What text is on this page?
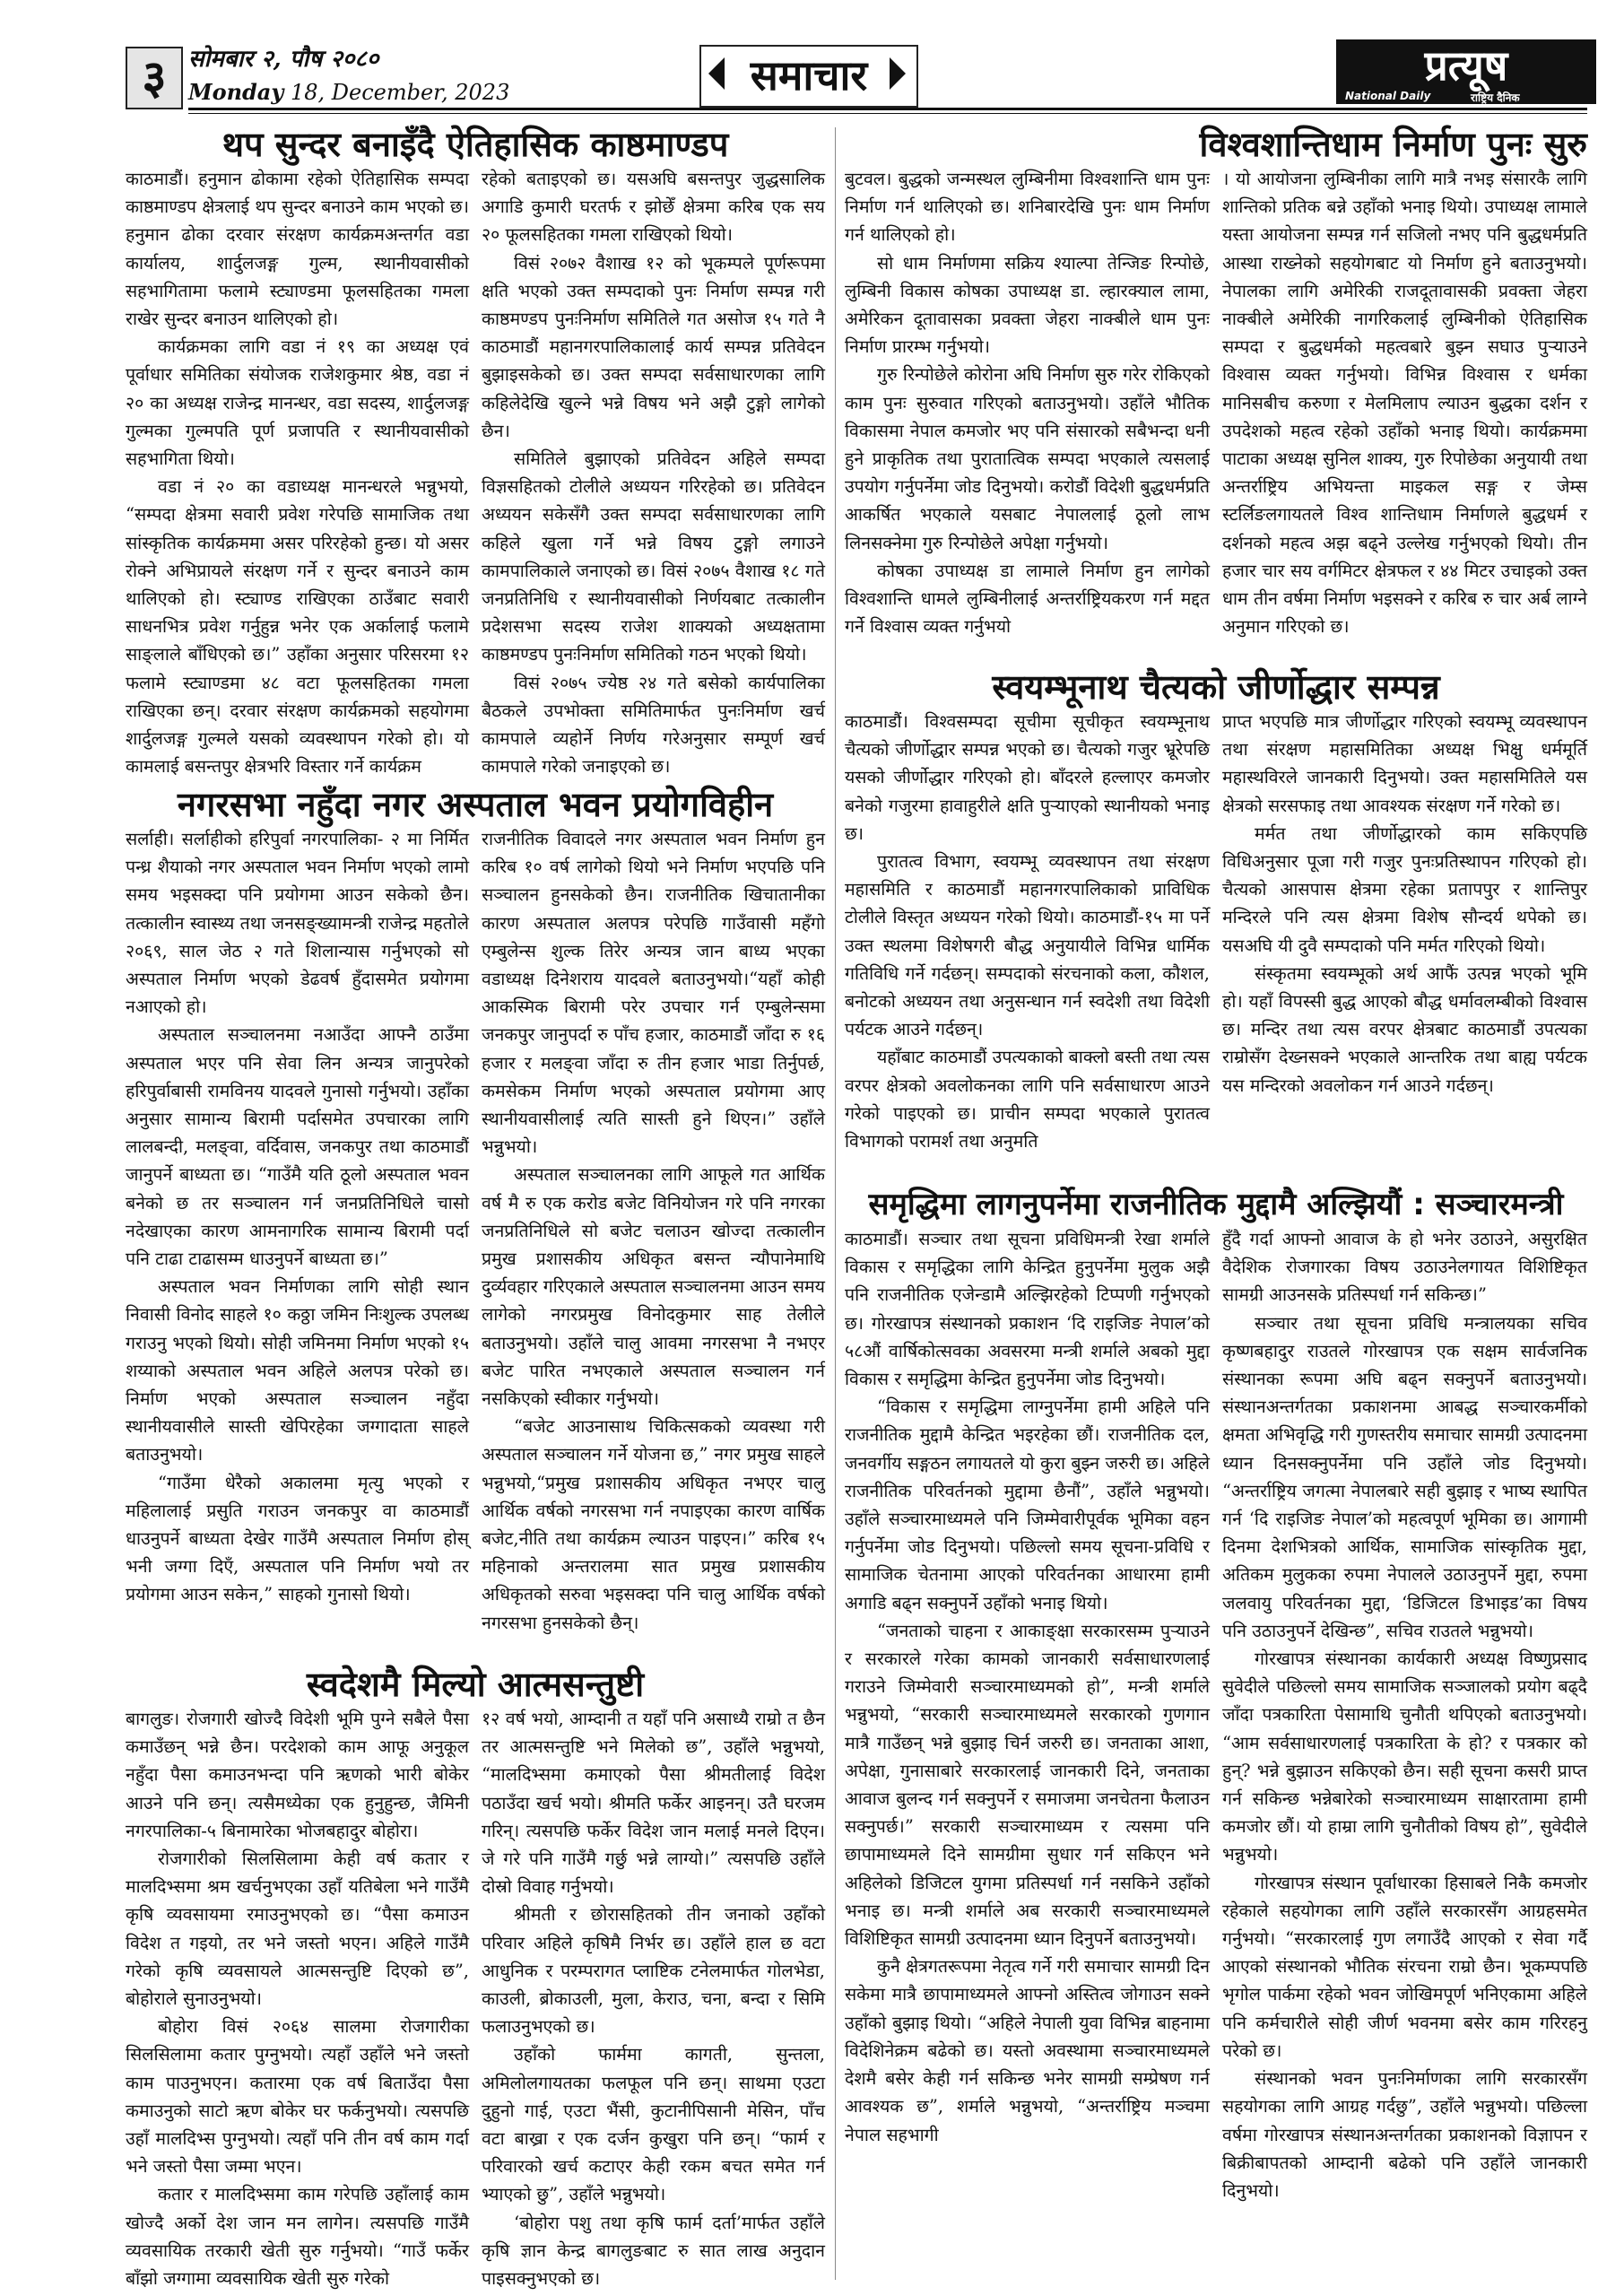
३ सोमबार २, पौष २०८०
Monday 18, December, 2023	समाचार	प्रत्यूष
National Daily	राष्ट्रिय दैनिक
थप सुन्दर बनाइँदै ऐतिहासिक काष्ठमाण्डप

काठमाडौं। हनुमान ढोकामा रहेको ऐतिहासिक सम्पदा काष्ठमाण्डप क्षेत्रलाई थप सुन्दर बनाउने काम भएको छ। हनुमान ढोका दरवार संरक्षण कार्यक्रमअन्तर्गत वडा कार्यालय, शार्दुलजङ्ग गुल्म, स्थानीयवासीको सहभागितामा फलामे स्ट्याण्डमा फूलसहितका गमला राखेर सुन्दर बनाउन थालिएको हो।

कार्यक्रमका लागि वडा नं १९ का अध्यक्ष एवं पूर्वाधार समितिका संयोजक राजेशकुमार श्रेष्ठ, वडा नं २० का अध्यक्ष राजेन्द्र मानन्धर, वडा सदस्य, शार्दुलजङ्ग गुल्मका गुल्मपति पूर्ण प्रजापति र स्थानीयवासीको सहभागिता थियो।

वडा नं २० का वडाध्यक्ष मानन्धरले भन्नुभयो, “सम्पदा क्षेत्रमा सवारी प्रवेश गरेपछि सामाजिक तथा सांस्कृतिक कार्यक्रममा असर परिरहेको हुन्छ। यो असर रोक्ने अभिप्रायले संरक्षण गर्ने र सुन्दर बनाउने काम थालिएको हो। स्ट्याण्ड राखिएका ठाउँबाट सवारी साधनभित्र प्रवेश गर्नुहुन्न भनेर एक अर्कालाई फलामे साङ्लाले बाँधिएको छ।” उहाँका अनुसार परिसरमा १२ फलामे स्ट्याण्डमा ४८ वटा फूलसहितका गमला राखिएका छन्। दरवार संरक्षण कार्यक्रमको सहयोगमा शार्दुलजङ्ग गुल्मले यसको व्यवस्थापन गरेको हो। यो कामलाई बसन्तपुर क्षेत्रभरि विस्तार गर्ने कार्यक्रम

रहेको बताइएको छ। यसअघि बसन्तपुर जुद्धसालिक अगाडि कुमारी घरतर्फ र झोछेँ क्षेत्रमा करिब एक सय २० फूलसहितका गमला राखिएको थियो।

विसं २०७२ वैशाख १२ को भूकम्पले पूर्णरूपमा क्षति भएको उक्त सम्पदाको पुनः निर्माण सम्पन्न गरी काष्ठमण्डप पुनःनिर्माण समितिले गत असोज १५ गते नै काठमाडौं महानगरपालिकालाई कार्य सम्पन्न प्रतिवेदन बुझाइसकेको छ। उक्त सम्पदा सर्वसाधारणका लागि कहिलेदेखि खुल्ने भन्ने विषय भने अझै टुङ्गो लागेको छैन।

समितिले बुझाएको प्रतिवेदन अहिले सम्पदा विज्ञसहितको टोलीले अध्ययन गरिरहेको छ। प्रतिवेदन अध्ययन सकेसँगै उक्त सम्पदा सर्वसाधारणका लागि कहिले खुला गर्ने भन्ने विषय टुङ्गो लगाउने कामपालिकाले जनाएको छ। विसं २०७५ वैशाख १८ गते जनप्रतिनिधि र स्थानीयवासीको निर्णयबाट तत्कालीन प्रदेशसभा सदस्य राजेश शाक्यको अध्यक्षतामा काष्ठमण्डप पुनःनिर्माण समितिको गठन भएको थियो।

विसं २०७५ ज्येष्ठ २४ गते बसेको कार्यपालिका बैठकले उपभोक्ता समितिमार्फत पुनःनिर्माण खर्च कामपाले व्यहोर्ने निर्णय गरेअनुसार सम्पूर्ण खर्च कामपाले गरेको जनाइएको छ।

नगरसभा नहुँदा नगर अस्पताल भवन प्रयोगविहीन

सर्लाही। सर्लाहीको हरिपुर्वा नगरपालिका- २ मा निर्मित पन्ध्र शैयाको नगर अस्पताल भवन निर्माण भएको लामो समय भइसक्दा पनि प्रयोगमा आउन सकेको छैन। तत्कालीन स्वास्थ्य तथा जनसङ्ख्यामन्त्री राजेन्द्र महतोले २०६९, साल जेठ २ गते शिलान्यास गर्नुभएको सो अस्पताल निर्माण भएको डेढवर्ष हुँदासमेत प्रयोगमा नआएको हो।

अस्पताल सञ्चालनमा नआउँदा आफ्नै ठाउँमा अस्पताल भएर पनि सेवा लिन अन्यत्र जानुपरेको हरिपुर्वाबासी रामविनय यादवले गुनासो गर्नुभयो। उहाँका अनुसार सामान्य बिरामी पर्दासमेत उपचारका लागि लालबन्दी, मलङ्वा, वर्दिवास, जनकपुर तथा काठमाडौं जानुपर्ने बाध्यता छ। “गाउँमै यति ठूलो अस्पताल भवन बनेको छ तर सञ्चालन गर्न जनप्रतिनिधिले चासो नदेखाएका कारण आमनागरिक सामान्य बिरामी पर्दा पनि टाढा टाढासम्म धाउनुपर्ने बाध्यता छ।”

अस्पताल भवन निर्माणका लागि सोही स्थान निवासी विनोद साहले १० कठ्ठा जमिन निःशुल्क उपलब्ध गराउनु भएको थियो। सोही जमिनमा निर्माण भएको १५ शय्याको अस्पताल भवन अहिले अलपत्र परेको छ। निर्माण भएको अस्पताल सञ्चालन नहुँदा स्थानीयवासीले सास्ती खेपिरहेका जग्गादाता साहले बताउनुभयो।

“गाउँमा धेरैको अकालमा मृत्यु भएको र महिलालाई प्रसुति गराउन जनकपुर वा काठमाडौं धाउनुपर्ने बाध्यता देखेर गाउँमै अस्पताल निर्माण होस् भनी जग्गा दिएँ, अस्पताल पनि निर्माण भयो तर प्रयोगमा आउन सकेन,” साहको गुनासो थियो।

राजनीतिक विवादले नगर अस्पताल भवन निर्माण हुन करिब १० वर्ष लागेको थियो भने निर्माण भएपछि पनि सञ्चालन हुनसकेको छैन। राजनीतिक खिचातानीका कारण अस्पताल अलपत्र परेपछि गाउँवासी महँगो एम्बुलेन्स शुल्क तिरेर अन्यत्र जान बाध्य भएका वडाध्यक्ष दिनेशराय यादवले बताउनुभयो।“यहाँ कोही आकस्मिक बिरामी परेर उपचार गर्न एम्बुलेन्समा जनकपुर जानुपर्दा रु पाँच हजार, काठमाडौं जाँदा रु १६ हजार र मलङ्वा जाँदा रु तीन हजार भाडा तिर्नुपर्छ, कमसेकम निर्माण भएको अस्पताल प्रयोगमा आए स्थानीयवासीलाई त्यति सास्ती हुने थिएन।” उहाँले भन्नुभयो।

अस्पताल सञ्चालनका लागि आफूले गत आर्थिक वर्ष मै रु एक करोड बजेट विनियोजन गरे पनि नगरका जनप्रतिनिधिले सो बजेट चलाउन खोज्दा तत्कालीन प्रमुख प्रशासकीय अधिकृत बसन्त न्यौपानेमाथि दुर्व्यवहार गरिएकाले अस्पताल सञ्चालनमा आउन समय लागेको नगरप्रमुख विनोदकुमार साह तेलीले बताउनुभयो। उहाँले चालु आवमा नगरसभा नै नभएर बजेट पारित नभएकाले अस्पताल सञ्चालन गर्न नसकिएको स्वीकार गर्नुभयो।

“बजेट आउनासाथ चिकित्सकको व्यवस्था गरी अस्पताल सञ्चालन गर्ने योजना छ,” नगर प्रमुख साहले भन्नुभयो,“प्रमुख प्रशासकीय अधिकृत नभएर चालु आर्थिक वर्षको नगरसभा गर्न नपाइएका कारण वार्षिक बजेट,नीति तथा कार्यक्रम ल्याउन पाइएन।” करिब १५ महिनाको अन्तरालमा सात प्रमुख प्रशासकीय अधिकृतको सरुवा भइसक्दा पनि चालु आर्थिक वर्षको नगरसभा हुनसकेको छैन्।

स्वदेशमै मिल्यो आत्मसन्तुष्टी

बागलुङ। रोजगारी खोज्दै विदेशी भूमि पुग्ने सबैले पैसा कमाउँछन् भन्ने छैन। परदेशको काम आफू अनुकूल नहुँदा पैसा कमाउनभन्दा पनि ऋणको भारी बोकेर आउने पनि छन्। त्यसैमध्येका एक हुनुहुन्छ, जैमिनी नगरपालिका-५ बिनामारेका भोजबहादुर बोहोरा।

रोजगारीको सिलसिलामा केही वर्ष कतार र मालदिभ्समा श्रम खर्चनुभएका उहाँ यतिबेला भने गाउँमै कृषि व्यवसायमा रमाउनुभएको छ। “पैसा कमाउन विदेश त गइयो, तर भने जस्तो भएन। अहिले गाउँमै गरेको कृषि व्यवसायले आत्मसन्तुष्टि दिएको छ”, बोहोराले सुनाउनुभयो।

बोहोरा विसं २०६४ सालमा रोजगारीका सिलसिलामा कतार पुग्नुभयो। त्यहाँ उहाँले भने जस्तो काम पाउनुभएन। कतारमा एक वर्ष बिताउँदा पैसा कमाउनुको साटो ऋण बोकेर घर फर्कनुभयो। त्यसपछि उहाँ मालदिभ्स पुग्नुभयो। त्यहाँ पनि तीन वर्ष काम गर्दा भने जस्तो पैसा जम्मा भएन।

कतार र मालदिभ्समा काम गरेपछि उहाँलाई काम खोज्दै अर्को देश जान मन लागेन। त्यसपछि गाउँमै व्यवसायिक तरकारी खेती सुरु गर्नुभयो। “गाउँ फर्केर बाँझो जग्गामा व्यवसायिक खेती सुरु गरेको

१२ वर्ष भयो, आम्दानी त यहाँ पनि असाध्यै राम्रो त छैन तर आत्मसन्तुष्टि भने मिलेको छ”, उहाँले भन्नुभयो, “मालदिभ्समा कमाएको पैसा श्रीमतीलाई विदेश पठाउँदा खर्च भयो। श्रीमति फर्केर आइनन्। उतै घरजम गरिन्। त्यसपछि फर्केर विदेश जान मलाई मनले दिएन। जे गरे पनि गाउँमै गर्छु भन्ने लाग्यो।” त्यसपछि उहाँले दोस्रो विवाह गर्नुभयो।

श्रीमती र छोरासहितको तीन जनाको उहाँको परिवार अहिले कृषिमै निर्भर छ। उहाँले हाल छ वटा आधुनिक र परम्परागत प्लाष्टिक टनेलमार्फत गोलभेडा, काउली, ब्रोकाउली, मुला, केराउ, चना, बन्दा र सिमि फलाउनुभएको छ।

उहाँको फार्ममा कागती, सुन्तला, अमिलोलगायतका फलफूल पनि छन्। साथमा एउटा दुहुनो गाई, एउटा भैंसी, कुटानीपिसानी मेसिन, पाँच वटा बाख्रा र एक दर्जन कुखुरा पनि छन्। “फार्म र परिवारको खर्च कटाएर केही रकम बचत समेत गर्न भ्याएको छु”, उहाँले भन्नुभयो।

‘बोहोरा पशु तथा कृषि फार्म दर्ता’मार्फत उहाँले कृषि ज्ञान केन्द्र बागलुङबाट रु सात लाख अनुदान पाइसक्नुभएको छ।

विश्वशान्तिधाम निर्माण पुनः सुरु

बुटवल। बुद्धको जन्मस्थल लुम्बिनीमा विश्वशान्ति धाम पुनः निर्माण गर्न थालिएको छ। शनिबारदेखि पुनः धाम निर्माण गर्न थालिएको हो।

सो धाम निर्माणमा सक्रिय श्याल्पा तेन्जिङ रिन्पोछे, लुम्बिनी विकास कोषका उपाध्यक्ष डा. ल्हारक्याल लामा, अमेरिकन दूतावासका प्रवक्ता जेहरा नाक्बीले धाम पुनः निर्माण प्रारम्भ गर्नुभयो।

गुरु रिन्पोछेले कोरोना अघि निर्माण सुरु गरेर रोकिएको काम पुनः सुरुवात गरिएको बताउनुभयो। उहाँले भौतिक विकासमा नेपाल कमजोर भए पनि संसारको सबैभन्दा धनी हुने प्राकृतिक तथा पुरातात्विक सम्पदा भएकाले त्यसलाई उपयोग गर्नुपर्नेमा जोड दिनुभयो। करोडौं विदेशी बुद्धधर्मप्रति आकर्षित भएकाले यसबाट नेपाललाई ठूलो लाभ लिनसक्नेमा गुरु रिन्पोछेले अपेक्षा गर्नुभयो।

कोषका उपाध्यक्ष डा लामाले निर्माण हुन लागेको विश्वशान्ति धामले लुम्बिनीलाई अन्तर्राष्ट्रियकरण गर्न मद्दत गर्ने विश्वास व्यक्त गर्नुभयो

। यो आयोजना लुम्बिनीका लागि मात्रै नभइ संसारकै लागि शान्तिको प्रतिक बन्ने उहाँको भनाइ थियो। उपाध्यक्ष लामाले यस्ता आयोजना सम्पन्न गर्न सजिलो नभए पनि बुद्धधर्मप्रति आस्था राख्नेको सहयोगबाट यो निर्माण हुने बताउनुभयो। नेपालका लागि अमेरिकी राजदूतावासकी प्रवक्ता जेहरा नाक्बीले अमेरिकी नागरिकलाई लुम्बिनीको ऐतिहासिक सम्पदा र बुद्धधर्मको महत्वबारे बुझ्न सघाउ पुऱ्याउने विश्वास व्यक्त गर्नुभयो। विभिन्न विश्वास र धर्मका मानिसबीच करुणा र मेलमिलाप ल्याउन बुद्धका दर्शन र उपदेशको महत्व रहेको उहाँको भनाइ थियो। कार्यक्रममा पाटाका अध्यक्ष सुनिल शाक्य, गुरु रिपोछेका अनुयायी तथा अन्तर्राष्ट्रिय अभियन्ता माइकल सङ्ग र जेम्स स्टर्लिङलगायतले विश्व शान्तिधाम निर्माणले बुद्धधर्म र दर्शनको महत्व अझ बढ्ने उल्लेख गर्नुभएको थियो। तीन हजार चार सय वर्गमिटर क्षेत्रफल र ४४ मिटर उचाइको उक्त धाम तीन वर्षमा निर्माण भइसक्ने र करिब रु चार अर्ब लाग्ने अनुमान गरिएको छ।

स्वयम्भूनाथ चैत्यको जीर्णोद्धार सम्पन्न

काठमाडौं। विश्वसम्पदा सूचीमा सूचीकृत स्वयम्भूनाथ चैत्यको जीर्णोद्धार सम्पन्न भएको छ। चैत्यको गजुर भ्रूरेपछि यसको जीर्णोद्धार गरिएको हो। बाँदरले हल्लाएर कमजोर बनेको गजुरमा हावाहुरीले क्षति पुऱ्याएको स्थानीयको भनाइ छ।

पुरातत्व विभाग, स्वयम्भू व्यवस्थापन तथा संरक्षण महासमिति र काठमाडौं महानगरपालिकाको प्राविधिक टोलीले विस्तृत अध्ययन गरेको थियो। काठमाडौं-१५ मा पर्ने उक्त स्थलमा विशेषगरी बौद्ध अनुयायीले विभिन्न धार्मिक गतिविधि गर्ने गर्दछन्। सम्पदाको संरचनाको कला, कौशल, बनोटको अध्ययन तथा अनुसन्धान गर्न स्वदेशी तथा विदेशी पर्यटक आउने गर्दछन्।

यहाँबाट काठमाडौं उपत्यकाको बाक्लो बस्ती तथा त्यस वरपर क्षेत्रको अवलोकनका लागि पनि सर्वसाधारण आउने गरेको पाइएको छ। प्राचीन सम्पदा भएकाले पुरातत्व विभागको परामर्श तथा अनुमति

प्राप्त भएपछि मात्र जीर्णोद्धार गरिएको स्वयम्भू व्यवस्थापन तथा संरक्षण महासमितिका अध्यक्ष भिक्षु धर्ममूर्ति महास्थविरले जानकारी दिनुभयो। उक्त महासमितिले यस क्षेत्रको सरसफाइ तथा आवश्यक संरक्षण गर्ने गरेको छ।

मर्मत तथा जीर्णोद्धारको काम सकिएपछि विधिअनुसार पूजा गरी गजुर पुनःप्रतिस्थापन गरिएको हो। चैत्यको आसपास क्षेत्रमा रहेका प्रतापपुर र शान्तिपुर मन्दिरले पनि त्यस क्षेत्रमा विशेष सौन्दर्य थपेको छ। यसअघि यी दुवै सम्पदाको पनि मर्मत गरिएको थियो।

संस्कृतमा स्वयम्भूको अर्थ आफैं उत्पन्न भएको भूमि हो। यहाँ विपस्सी बुद्ध आएको बौद्ध धर्मावलम्बीको विश्वास छ। मन्दिर तथा त्यस वरपर क्षेत्रबाट काठमाडौं उपत्यका राम्रोसँग देख्नसक्ने भएकाले आन्तरिक तथा बाह्य पर्यटक यस मन्दिरको अवलोकन गर्न आउने गर्दछन्।

समृद्धिमा लागनुपर्नेमा राजनीतिक मुद्दामै अल्झियौं : सञ्चारमन्त्री

काठमाडौं। सञ्चार तथा सूचना प्रविधिमन्त्री रेखा शर्माले विकास र समृद्धिका लागि केन्द्रित हुनुपर्नेमा मुलुक अझै पनि राजनीतिक एजेन्डामै अल्झिरहेको टिप्पणी गर्नुभएको छ। गोरखापत्र संस्थानको प्रकाशन ‘दि राइजिङ नेपाल’को ५८औं वार्षिकोत्सवका अवसरमा मन्त्री शर्माले अबको मुद्दा विकास र समृद्धिमा केन्द्रित हुनुपर्नेमा जोड दिनुभयो।

“विकास र समृद्धिमा लाग्नुपर्नेमा हामी अहिले पनि राजनीतिक मुद्दामै केन्द्रित भइरहेका छौं। राजनीतिक दल, जनवर्गीय सङ्गठन लगायतले यो कुरा बुझ्न जरुरी छ। अहिले राजनीतिक परिवर्तनको मुद्दामा छैनौं”, उहाँले भन्नुभयो। उहाँले सञ्चारमाध्यमले पनि जिम्मेवारीपूर्वक भूमिका वहन गर्नुपर्नेमा जोड दिनुभयो। पछिल्लो समय सूचना-प्रविधि र सामाजिक चेतनामा आएको परिवर्तनका आधारमा हामी अगाडि बढ्न सक्नुपर्ने उहाँको भनाइ थियो।

“जनताको चाहना र आकाङ्क्षा सरकारसम्म पुऱ्याउने र सरकारले गरेका कामको जानकारी सर्वसाधारणलाई गराउने जिम्मेवारी सञ्चारमाध्यमको हो”, मन्त्री शर्माले भन्नुभयो, “सरकारी सञ्चारमाध्यमले सरकारको गुणगान मात्रै गाउँछन् भन्ने बुझाइ चिर्न जरुरी छ। जनताका आशा, अपेक्षा, गुनासाबारे सरकारलाई जानकारी दिने, जनताका आवाज बुलन्द गर्न सक्नुपर्ने र समाजमा जनचेतना फैलाउन सक्नुपर्छ।” सरकारी सञ्चारमाध्यम र त्यसमा पनि छापामाध्यमले दिने सामग्रीमा सुधार गर्न सकिएन भने अहिलेको डिजिटल युगमा प्रतिस्पर्धा गर्न नसकिने उहाँको भनाइ छ। मन्त्री शर्माले अब सरकारी सञ्चारमाध्यमले विशिष्टिकृत सामग्री उत्पादनमा ध्यान दिनुपर्ने बताउनुभयो।

कुनै क्षेत्रगतरूपमा नेतृत्व गर्ने गरी समाचार सामग्री दिन सकेमा मात्रै छापामाध्यमले आफ्नो अस्तित्व जोगाउन सक्ने उहाँको बुझाइ थियो। “अहिले नेपाली युवा विभिन्न बाहनामा विदेशिनेक्रम बढेको छ। यस्तो अवस्थामा सञ्चारमाध्यमले देशमै बसेर केही गर्न सकिन्छ भनेर सामग्री सम्प्रेषण गर्न आवश्यक छ”, शर्माले भन्नुभयो, “अन्तर्राष्ट्रिय मञ्चमा नेपाल सहभागी

हुँदै गर्दा आफ्नो आवाज के हो भनेर उठाउने, असुरक्षित वैदेशिक रोजगारका विषय उठाउनेलगायत विशिष्टिकृत सामग्री आउनसके प्रतिस्पर्धा गर्न सकिन्छ।”

सञ्चार तथा सूचना प्रविधि मन्त्रालयका सचिव कृष्णबहादुर राउतले गोरखापत्र एक सक्षम सार्वजनिक संस्थानका रूपमा अघि बढ्न सक्नुपर्ने बताउनुभयो। संस्थानअन्तर्गतका प्रकाशनमा आबद्ध सञ्चारकर्मीको क्षमता अभिवृद्धि गरी गुणस्तरीय समाचार सामग्री उत्पादनमा ध्यान दिनसक्नुपर्नेमा पनि उहाँले जोड दिनुभयो। “अन्तर्राष्ट्रिय जगत्मा नेपालबारे सही बुझाइ र भाष्य स्थापित गर्न ‘दि राइजिङ नेपाल’को महत्वपूर्ण भूमिका छ। आगामी दिनमा देशभित्रको आर्थिक, सामाजिक सांस्कृतिक मुद्दा, अतिकम मुलुकका रुपमा नेपालले उठाउनुपर्ने मुद्दा, रुपमा जलवायु परिवर्तनका मुद्दा, ‘डिजिटल डिभाइड’का विषय पनि उठाउनुपर्ने देखिन्छ”, सचिव राउतले भन्नुभयो।

गोरखापत्र संस्थानका कार्यकारी अध्यक्ष विष्णुप्रसाद सुवेदीले पछिल्लो समय सामाजिक सञ्जालको प्रयोग बढ्दै जाँदा पत्रकारिता पेसामाथि चुनौती थपिएको बताउनुभयो। “आम सर्वसाधारणलाई पत्रकारिता के हो? र पत्रकार को हुन्? भन्ने बुझाउन सकिएको छैन। सही सूचना कसरी प्राप्त गर्न सकिन्छ भन्नेबारेको सञ्चारमाध्यम साक्षारतामा हामी कमजोर छौं। यो हाम्रा लागि चुनौतीको विषय हो”, सुवेदीले भन्नुभयो।

गोरखापत्र संस्थान पूर्वाधारका हिसाबले निकै कमजोर रहेकाले सहयोगका लागि उहाँले सरकारसँग आग्रहसमेत गर्नुभयो। “सरकारलाई गुण लगाउँदै आएको र सेवा गर्दै आएको संस्थानको भौतिक संरचना राम्रो छैन। भूकम्पपछि भृगोल पार्कमा रहेको भवन जोखिमपूर्ण भनिएकामा अहिले पनि कर्मचारीले सोही जीर्ण भवनमा बसेर काम गरिरहनु परेको छ।

संस्थानको भवन पुनःनिर्माणका लागि सरकारसँग सहयोगका लागि आग्रह गर्दछु”, उहाँले भन्नुभयो। पछिल्ला वर्षमा गोरखापत्र संस्थानअन्तर्गतका प्रकाशनको विज्ञापन र बिक्रीबापतको आम्दानी बढेको पनि उहाँले जानकारी दिनुभयो।
